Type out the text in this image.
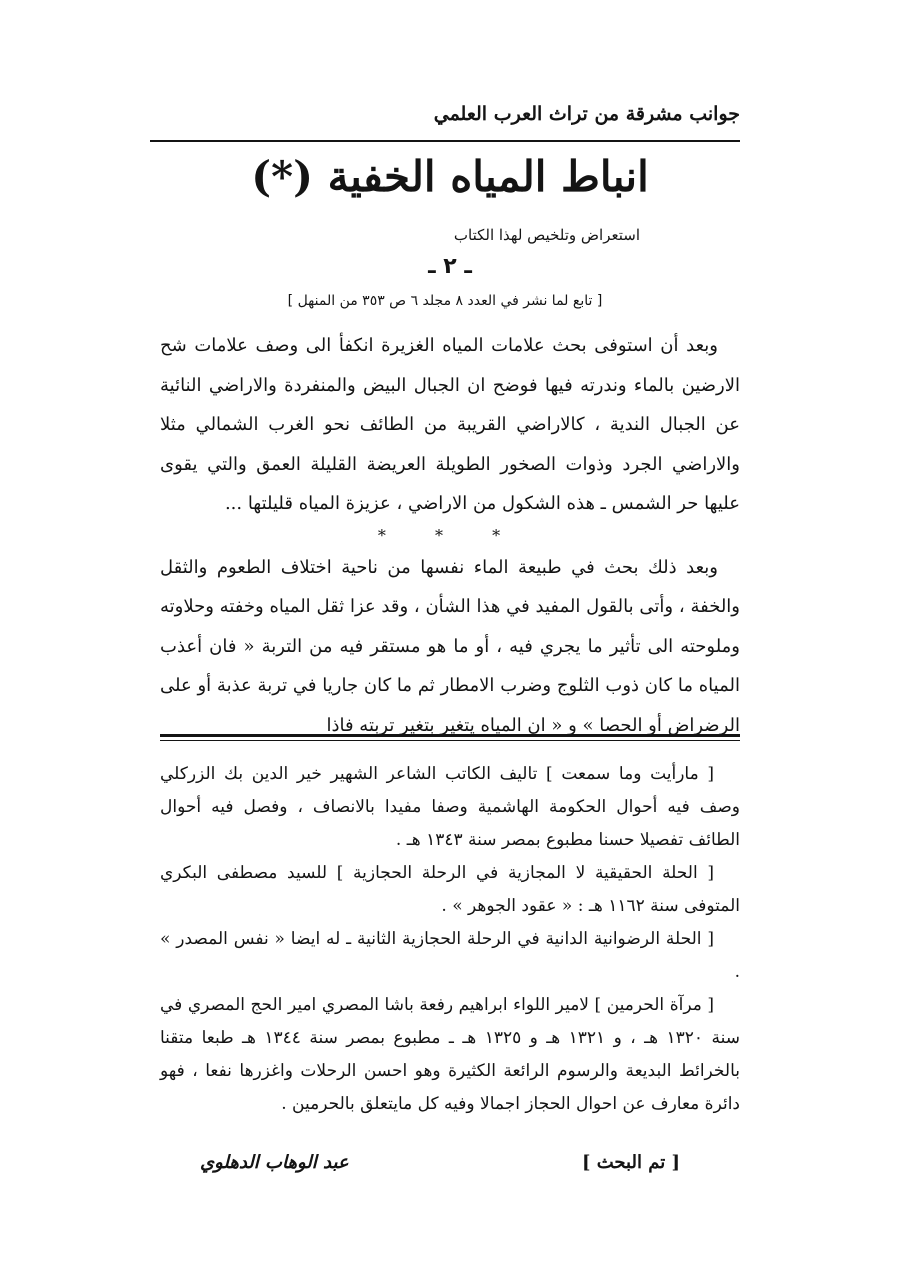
جوانب مشرقة من تراث العرب العلمي
انباط المياه الخفية (*)
استعراض وتلخيص لهذا الكتاب
ـ ٢ ـ
[ تابع لما نشر في العدد ٨ مجلد ٦ ص ٣٥٣ من المنهل ]

وبعد أن استوفى بحث علامات المياه الغزيرة انكفأ الى وصف علامات شح الارضين بالماء وندرته فيها فوضح ان الجبال البيض والمنفردة والاراضي النائية عن الجبال الندية ، كالاراضي القريبة من الطائف نحو الغرب الشمالي مثلا والاراضي الجرد وذوات الصخور الطويلة العريضة القليلة العمق والتي يقوى عليها حر الشمس ـ هذه الشكول من الاراضي ، عزيزة المياه قليلتها ...

* * *

وبعد ذلك بحث في طبيعة الماء نفسها من ناحية اختلاف الطعوم والثقل والخفة ، وأتى بالقول المفيد في هذا الشأن ، وقد عزا ثقل المياه وخفته وحلاوته وملوحته الى تأثير ما يجري فيه ، أو ما هو مستقر فيه من التربة « فان أعذب المياه ما كان ذوب الثلوج وضرب الامطار ثم ما كان جاريا في تربة عذبة أو على الرضراض أو الحصا » و « ان المياه يتغير بتغير تربته فاذا

[ مارأيت وما سمعت ] تاليف الكاتب الشاعر الشهير خير الدين بك الزركلي وصف فيه أحوال الحكومة الهاشمية وصفا مفيدا بالانصاف ، وفصل فيه أحوال الطائف تفصيلا حسنا مطبوع بمصر سنة ١٣٤٣ هـ .

[ الحلة الحقيقية لا المجازية في الرحلة الحجازية ] للسيد مصطفى البكري المتوفى سنة ١١٦٢ هـ : « عقود الجوهر » .

[ الحلة الرضوانية الدانية في الرحلة الحجازية الثانية ـ له ايضا « نفس المصدر » .

[ مرآة الحرمين ] لامير اللواء ابراهيم رفعة باشا المصري امير الحج المصري في سنة ١٣٢٠ هـ ، و ١٣٢١ هـ و ١٣٢٥ هـ ـ مطبوع بمصر سنة ١٣٤٤ هـ طبعا متقنا بالخرائط البديعة والرسوم الرائعة الكثيرة وهو احسن الرحلات واغزرها نفعا ، فهو دائرة معارف عن احوال الحجاز اجمالا وفيه كل مايتعلق بالحرمين .

[ تم البحث ]
عبد الوهاب الدهلوي
